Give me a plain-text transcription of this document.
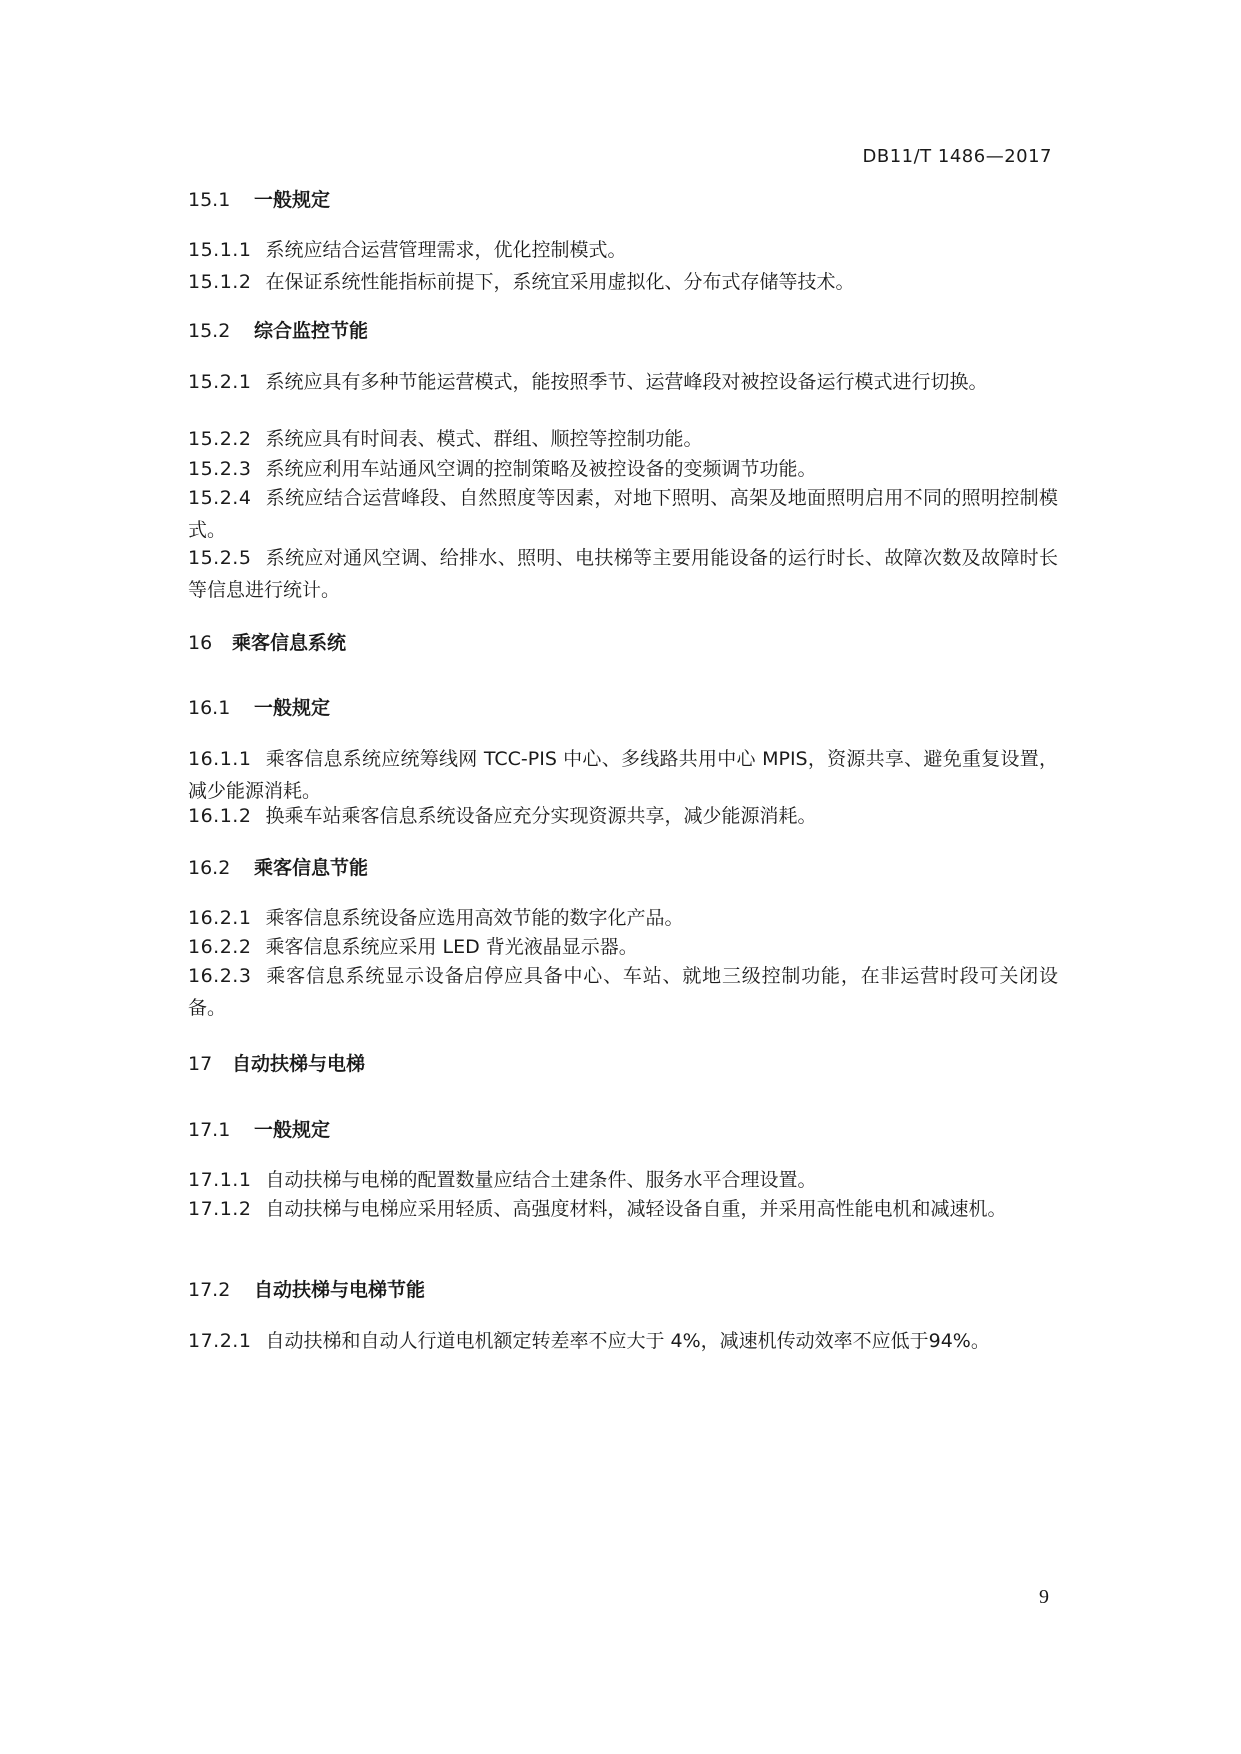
DB11/T 1486—2017
15.1 一般规定
15.1.1 系统应结合运营管理需求，优化控制模式。
15.1.2 在保证系统性能指标前提下，系统宜采用虚拟化、分布式存储等技术。
15.2 综合监控节能
15.2.1 系统应具有多种节能运营模式，能按照季节、运营峰段对被控设备运行模式进行切换。
15.2.2 系统应具有时间表、模式、群组、顺控等控制功能。
15.2.3 系统应利用车站通风空调的控制策略及被控设备的变频调节功能。
15.2.4 系统应结合运营峰段、自然照度等因素，对地下照明、高架及地面照明启用不同的照明控制模式。
15.2.5 系统应对通风空调、给排水、照明、电扶梯等主要用能设备的运行时长、故障次数及故障时长等信息进行统计。
16 乘客信息系统
16.1 一般规定
16.1.1 乘客信息系统应统筹线网 TCC-PIS 中心、多线路共用中心 MPIS，资源共享、避免重复设置，减少能源消耗。
16.1.2 换乘车站乘客信息系统设备应充分实现资源共享，减少能源消耗。
16.2 乘客信息节能
16.2.1 乘客信息系统设备应选用高效节能的数字化产品。
16.2.2 乘客信息系统应采用 LED 背光液晶显示器。
16.2.3 乘客信息系统显示设备启停应具备中心、车站、就地三级控制功能，在非运营时段可关闭设备。
17 自动扶梯与电梯
17.1 一般规定
17.1.1 自动扶梯与电梯的配置数量应结合土建条件、服务水平合理设置。
17.1.2 自动扶梯与电梯应采用轻质、高强度材料，减轻设备自重，并采用高性能电机和减速机。
17.2 自动扶梯与电梯节能
17.2.1 自动扶梯和自动人行道电机额定转差率不应大于 4%，减速机传动效率不应低于94%。
9
